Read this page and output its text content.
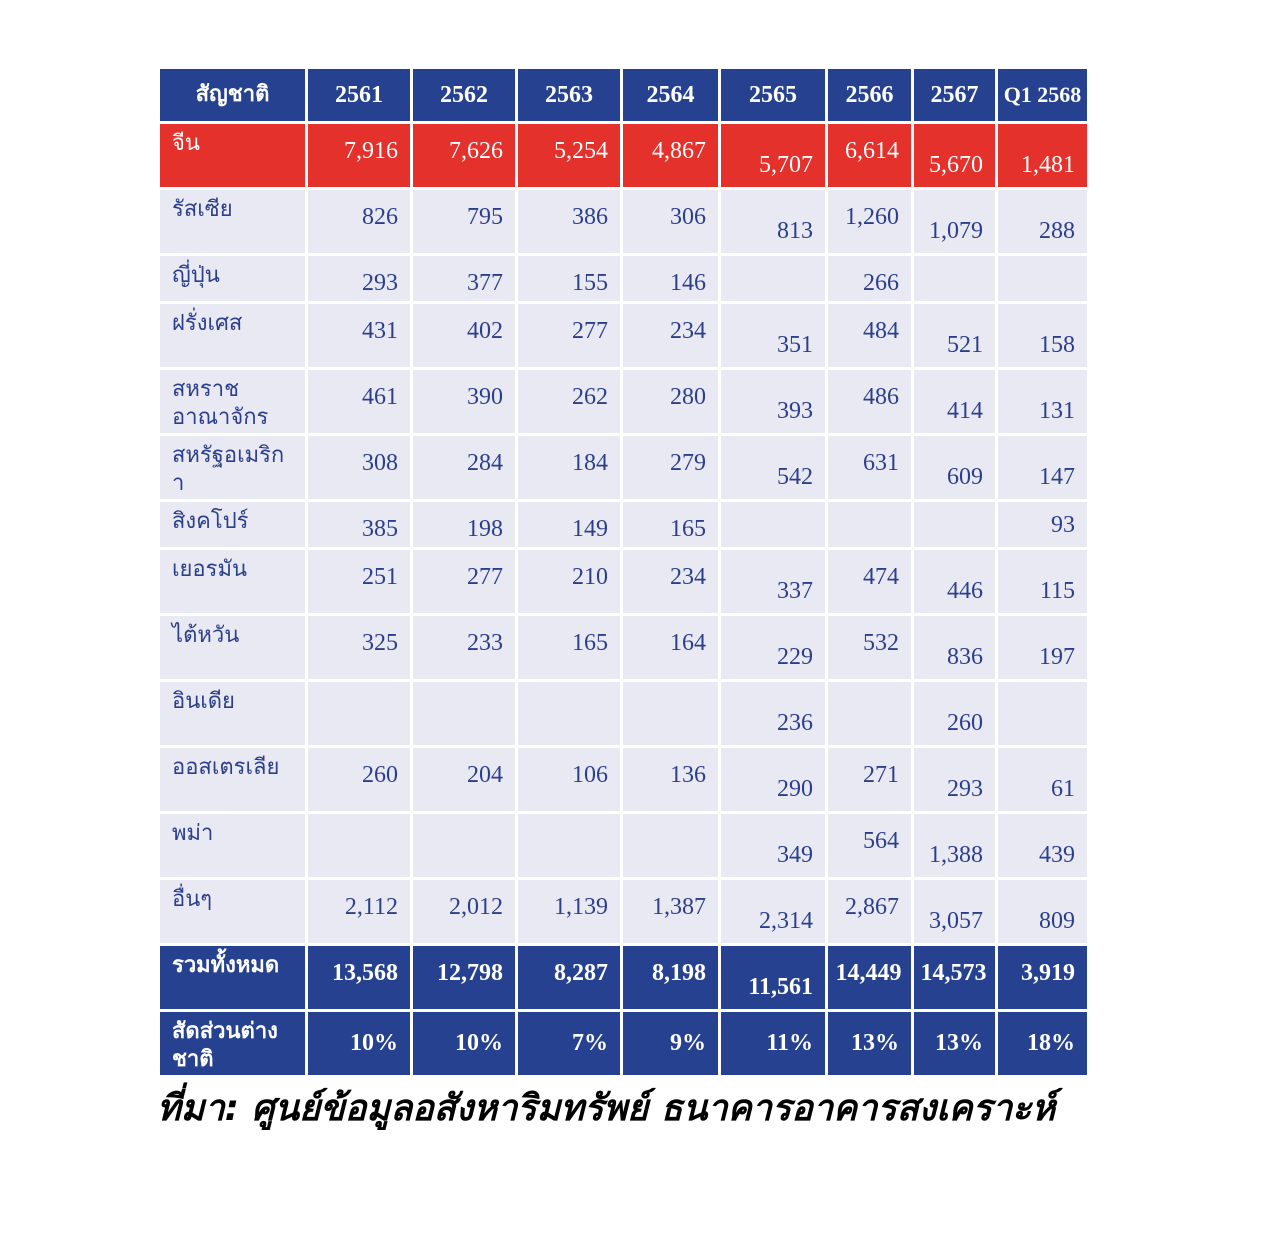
สัญชาติ	2561	2562	2563	2564	2565	2566	2567	Q1 2568
จีน	7,916	7,626	5,254	4,867	5,707	6,614	5,670	1,481
รัสเซีย	826	795	386	306	813	1,260	1,079	288
ญี่ปุ่น	293	377	155	146		266		
ฝรั่งเศส	431	402	277	234	351	484	521	158
สหราช อาณาจักร	461	390	262	280	393	486	414	131
สหรัฐอเมริก า	308	284	184	279	542	631	609	147
สิงคโปร์	385	198	149	165				93
เยอรมัน	251	277	210	234	337	474	446	115
ไต้หวัน	325	233	165	164	229	532	836	197
อินเดีย					236		260	
ออสเตรเลีย	260	204	106	136	290	271	293	61
พม่า					349	564	1,388	439
อื่นๆ	2,112	2,012	1,139	1,387	2,314	2,867	3,057	809
รวมทั้งหมด	13,568	12,798	8,287	8,198	11,561	14,449	14,573	3,919
สัดส่วนต่างชาติ	10%	10%	7%	9%	11%	13%	13%	18%

ที่มา: ศูนย์ข้อมูลอสังหาริมทรัพย์ ธนาคารอาคารสงเคราะห์
